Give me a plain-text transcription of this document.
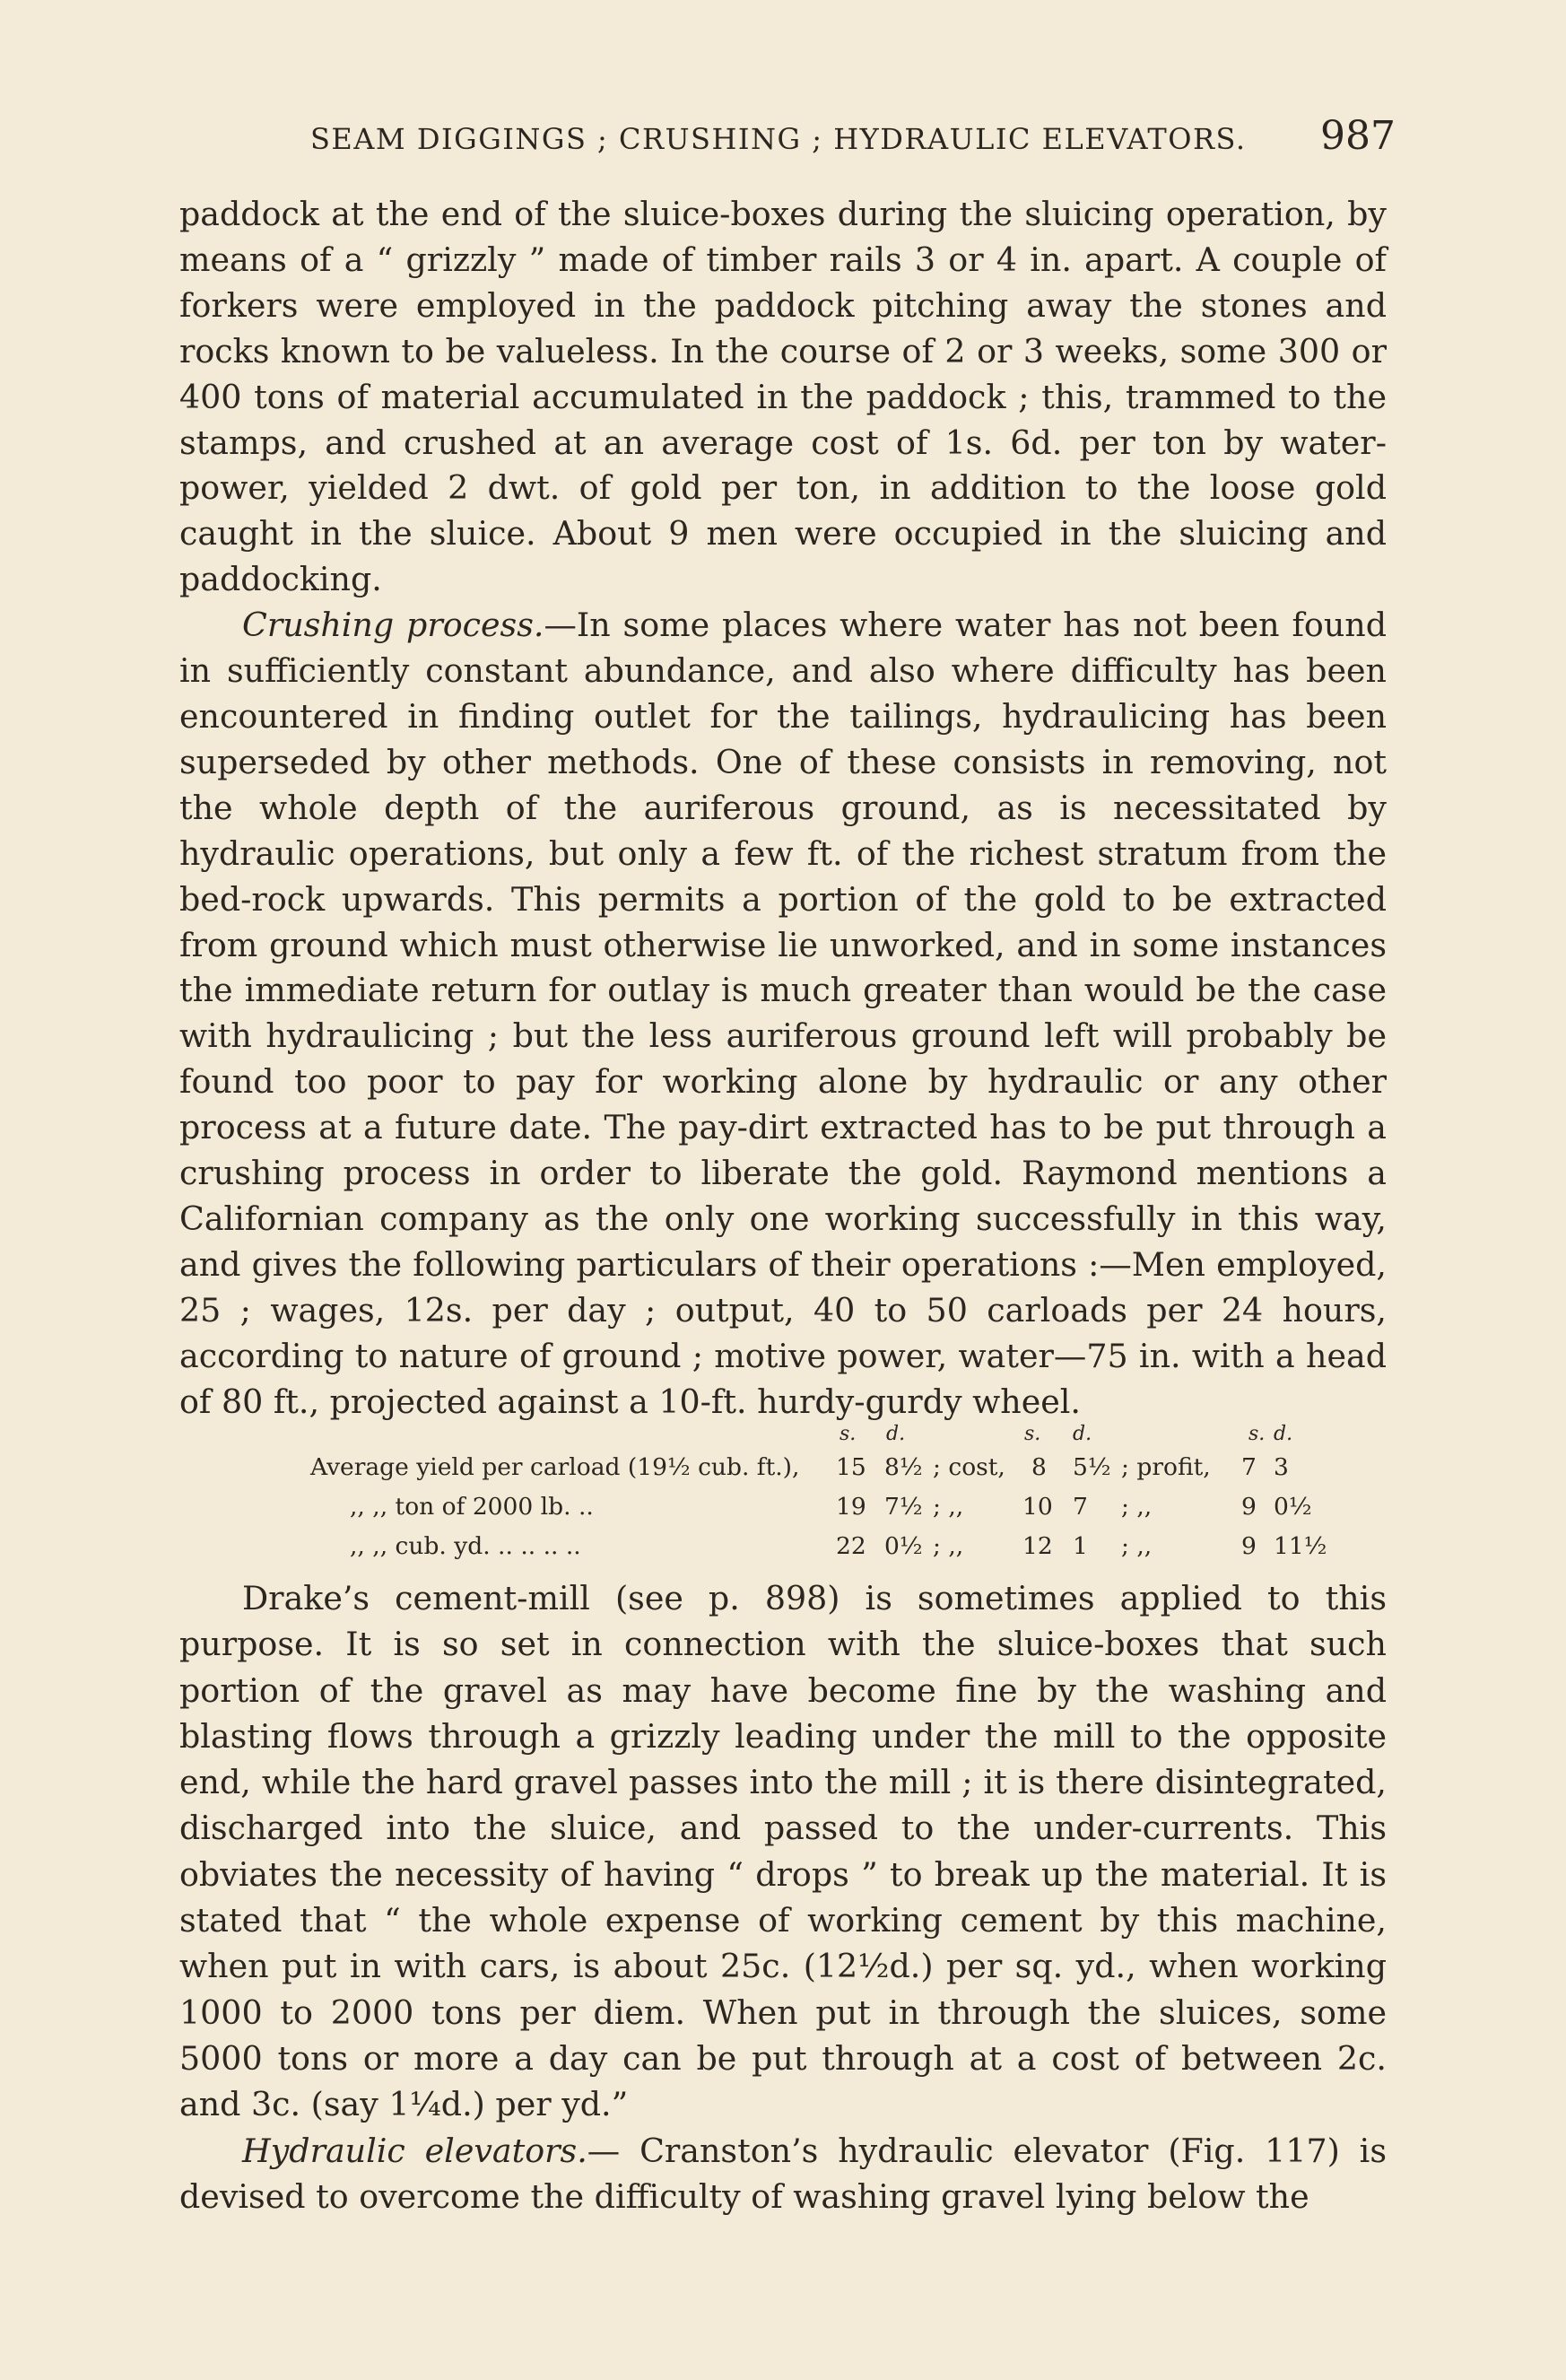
SEAM DIGGINGS ; CRUSHING ; HYDRAULIC ELEVATORS. 987

paddock at the end of the sluice-boxes during the sluicing operation, by means of a “ grizzly ” made of timber rails 3 or 4 in. apart. A couple of forkers were employed in the paddock pitching away the stones and rocks known to be valueless. In the course of 2 or 3 weeks, some 300 or 400 tons of material accumulated in the paddock ; this, trammed to the stamps, and crushed at an average cost of 1s. 6d. per ton by water-power, yielded 2 dwt. of gold per ton, in addition to the loose gold caught in the sluice. About 9 men were occupied in the sluicing and paddocking.

Crushing process.—In some places where water has not been found in sufficiently constant abundance, and also where difficulty has been encountered in finding outlet for the tailings, hydraulicing has been superseded by other methods. One of these consists in removing, not the whole depth of the auriferous ground, as is necessitated by hydraulic operations, but only a few ft. of the richest stratum from the bed-rock upwards. This permits a portion of the gold to be extracted from ground which must otherwise lie unworked, and in some instances the immediate return for outlay is much greater than would be the case with hydraulicing ; but the less auriferous ground left will probably be found too poor to pay for working alone by hydraulic or any other process at a future date. The pay-dirt extracted has to be put through a crushing process in order to liberate the gold. Raymond mentions a Californian company as the only one working successfully in this way, and gives the following particulars of their operations :—Men employed, 25 ; wages, 12s. per day ; output, 40 to 50 carloads per 24 hours, according to nature of ground ; motive power, water—75 in. with a head of 80 ft., projected against a 10-ft. hurdy-gurdy wheel.

s. d.	s. d.	s. d.
Average yield per carload (19½ cub. ft.), 15 8½ ; cost, 8 5½ ; profit, 7 3
,, ,, ton of 2000 lb. ..	19 7½ ; ,, 10 7 ; ,,	9 0½
,, ,, cub. yd. .. .. .. ..	22 0½ ; ,, 12 1 ; ,,	9 11½

Drake’s cement-mill (see p. 898) is sometimes applied to this purpose. It is so set in connection with the sluice-boxes that such portion of the gravel as may have become fine by the washing and blasting flows through a grizzly leading under the mill to the opposite end, while the hard gravel passes into the mill ; it is there disintegrated, discharged into the sluice, and passed to the under-currents. This obviates the necessity of having “ drops ” to break up the material. It is stated that “ the whole expense of working cement by this machine, when put in with cars, is about 25c. (12½d.) per sq. yd., when working 1000 to 2000 tons per diem. When put in through the sluices, some 5000 tons or more a day can be put through at a cost of between 2c. and 3c. (say 1¼d.) per yd.”

Hydraulic elevators.— Cranston’s hydraulic elevator (Fig. 117) is devised to overcome the difficulty of washing gravel lying below the
